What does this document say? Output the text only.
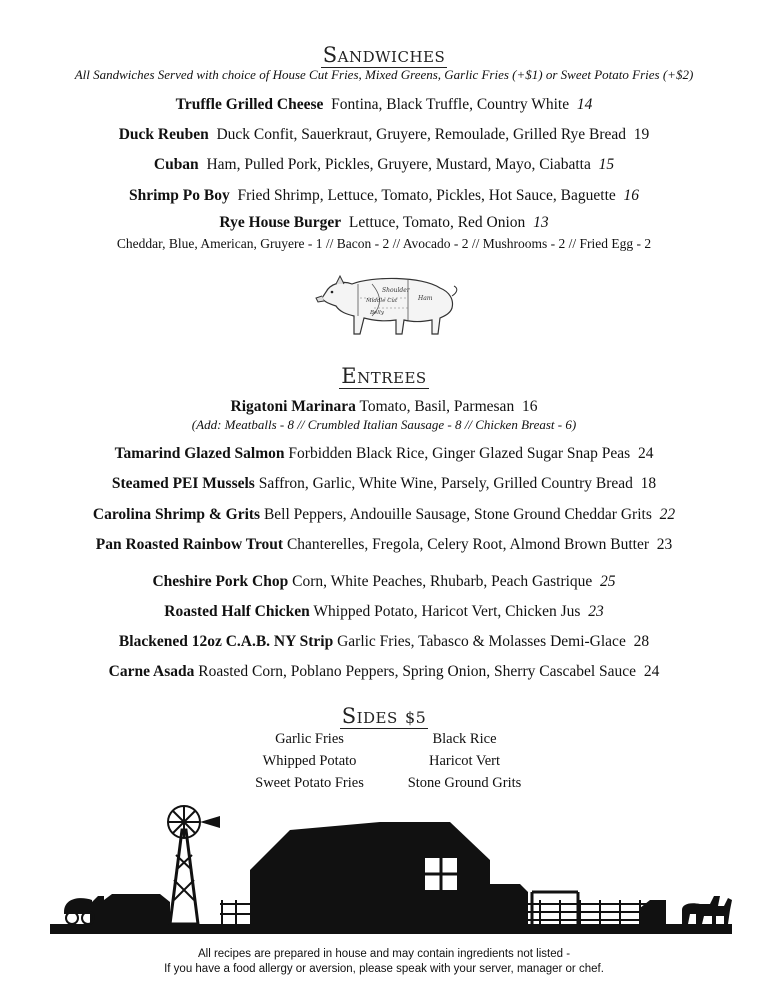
Sandwiches
All Sandwiches Served with choice of House Cut Fries, Mixed Greens, Garlic Fries (+$1) or Sweet Potato Fries (+$2)
Truffle Grilled Cheese Fontina, Black Truffle, Country White 14
Duck Reuben Duck Confit, Sauerkraut, Gruyere, Remoulade, Grilled Rye Bread 19
Cuban Ham, Pulled Pork, Pickles, Gruyere, Mustard, Mayo, Ciabatta 15
Shrimp Po Boy Fried Shrimp, Lettuce, Tomato, Pickles, Hot Sauce, Baguette 16
Rye House Burger Lettuce, Tomato, Red Onion 13
Cheddar, Blue, American, Gruyere - 1 // Bacon - 2 // Avocado - 2 // Mushrooms - 2 // Fried Egg - 2
Shoulder
Middle Cut	Ham
Belly
Entrees
Rigatoni Marinara Tomato, Basil, Parmesan 16
(Add: Meatballs - 8 // Crumbled Italian Sausage - 8 // Chicken Breast - 6)
Tamarind Glazed Salmon Forbidden Black Rice, Ginger Glazed Sugar Snap Peas 24
Steamed PEI Mussels Saffron, Garlic, White Wine, Parsely, Grilled Country Bread 18
Carolina Shrimp & Grits Bell Peppers, Andouille Sausage, Stone Ground Cheddar Grits 22
Pan Roasted Rainbow Trout Chanterelles, Fregola, Celery Root, Almond Brown Butter 23
Cheshire Pork Chop Corn, White Peaches, Rhubarb, Peach Gastrique 25
Roasted Half Chicken Whipped Potato, Haricot Vert, Chicken Jus 23
Blackened 12oz C.A.B. NY Strip Garlic Fries, Tabasco & Molasses Demi-Glace 28
Carne Asada Roasted Corn, Poblano Peppers, Spring Onion, Sherry Cascabel Sauce 24
Sides $5
Garlic Fries	Black Rice
Whipped Potato	Haricot Vert
Sweet Potato Fries	Stone Ground Grits
All recipes are prepared in house and may contain ingredients not listed -
If you have a food allergy or aversion, please speak with your server, manager or chef.
